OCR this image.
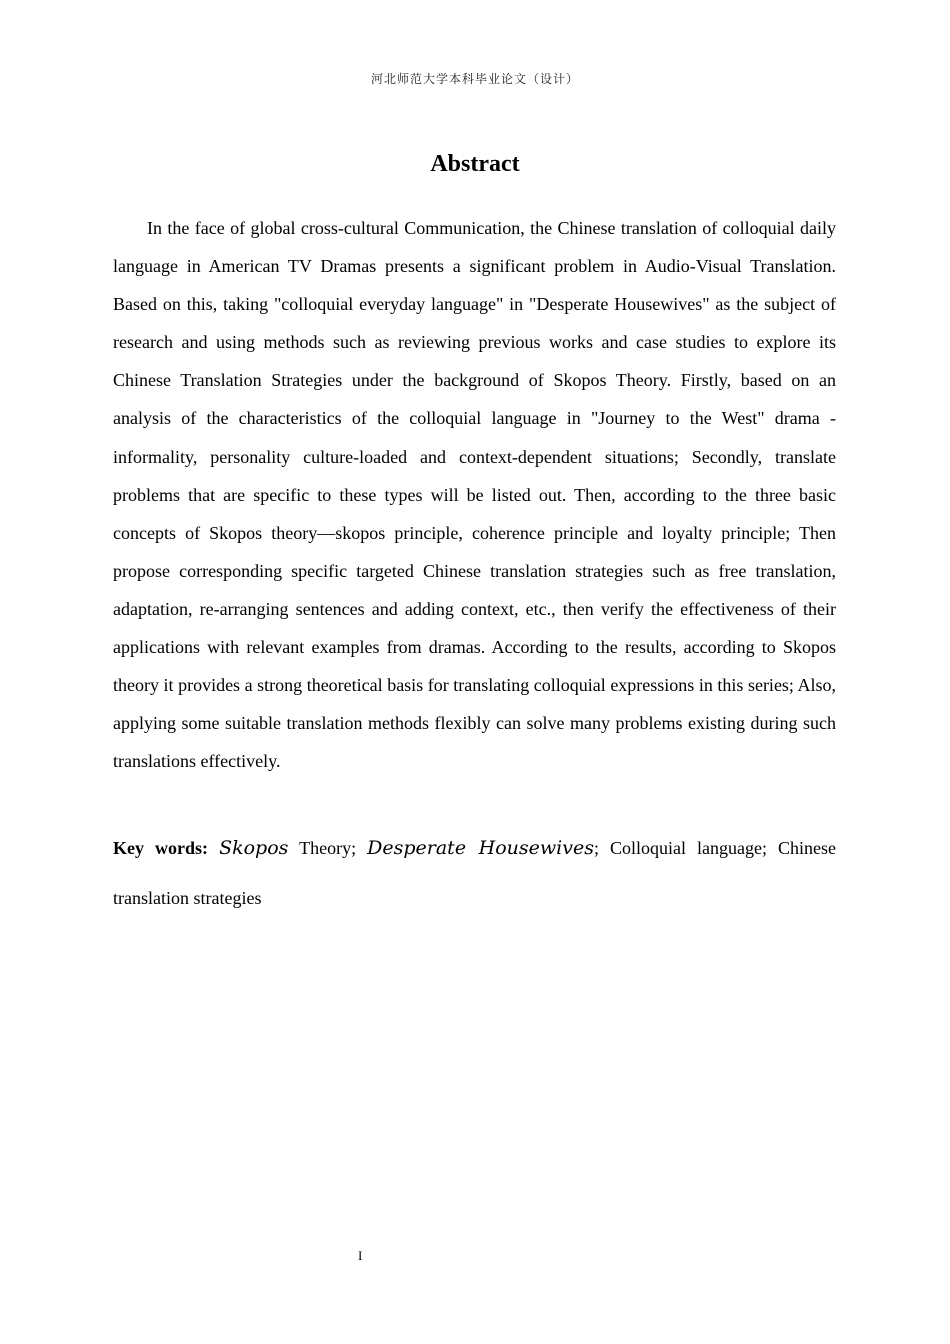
河北师范大学本科毕业论文（设计）
Abstract

In the face of global cross-cultural Communication, the Chinese translation of colloquial daily language in American TV Dramas presents a significant problem in Audio-Visual Translation. Based on this, taking "colloquial everyday language" in "Desperate Housewives" as the subject of research and using methods such as reviewing previous works and case studies to explore its Chinese Translation Strategies under the background of Skopos Theory. Firstly, based on an analysis of the characteristics of the colloquial language in "Journey to the West" drama - informality, personality culture-loaded and context-dependent situations; Secondly, translate problems that are specific to these types will be listed out. Then, according to the three basic concepts of Skopos theory—skopos principle, coherence principle and loyalty principle; Then propose corresponding specific targeted Chinese translation strategies such as free translation, adaptation, re-arranging sentences and adding context, etc., then verify the effectiveness of their applications with relevant examples from dramas. According to the results, according to Skopos theory it provides a strong theoretical basis for translating colloquial expressions in this series; Also, applying some suitable translation methods flexibly can solve many problems existing during such translations effectively.

Key words: Skopos Theory; Desperate Housewives; Colloquial language; Chinese translation strategies

I
